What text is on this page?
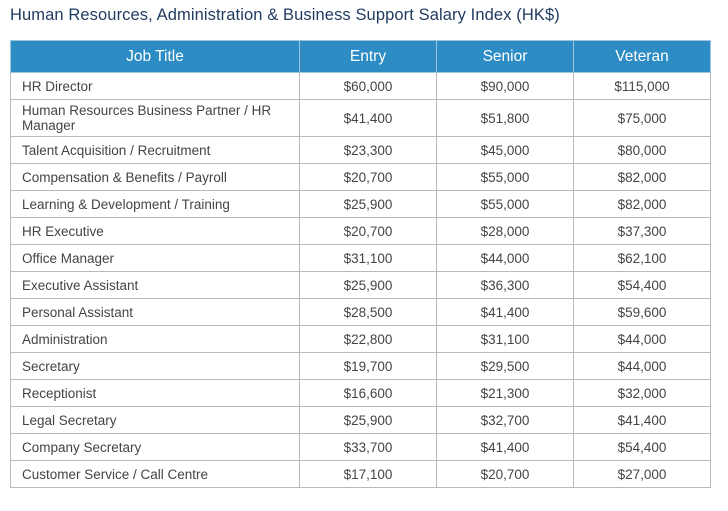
Human Resources, Administration & Business Support Salary Index (HK$)
Job Title	Entry	Senior	Veteran
HR Director	$60,000	$90,000	$115,000
Human Resources Business Partner / HR Manager	$41,400	$51,800	$75,000
Talent Acquisition / Recruitment	$23,300	$45,000	$80,000
Compensation & Benefits / Payroll	$20,700	$55,000	$82,000
Learning & Development / Training	$25,900	$55,000	$82,000
HR Executive	$20,700	$28,000	$37,300
Office Manager	$31,100	$44,000	$62,100
Executive Assistant	$25,900	$36,300	$54,400
Personal Assistant	$28,500	$41,400	$59,600
Administration	$22,800	$31,100	$44,000
Secretary	$19,700	$29,500	$44,000
Receptionist	$16,600	$21,300	$32,000
Legal Secretary	$25,900	$32,700	$41,400
Company Secretary	$33,700	$41,400	$54,400
Customer Service / Call Centre	$17,100	$20,700	$27,000
